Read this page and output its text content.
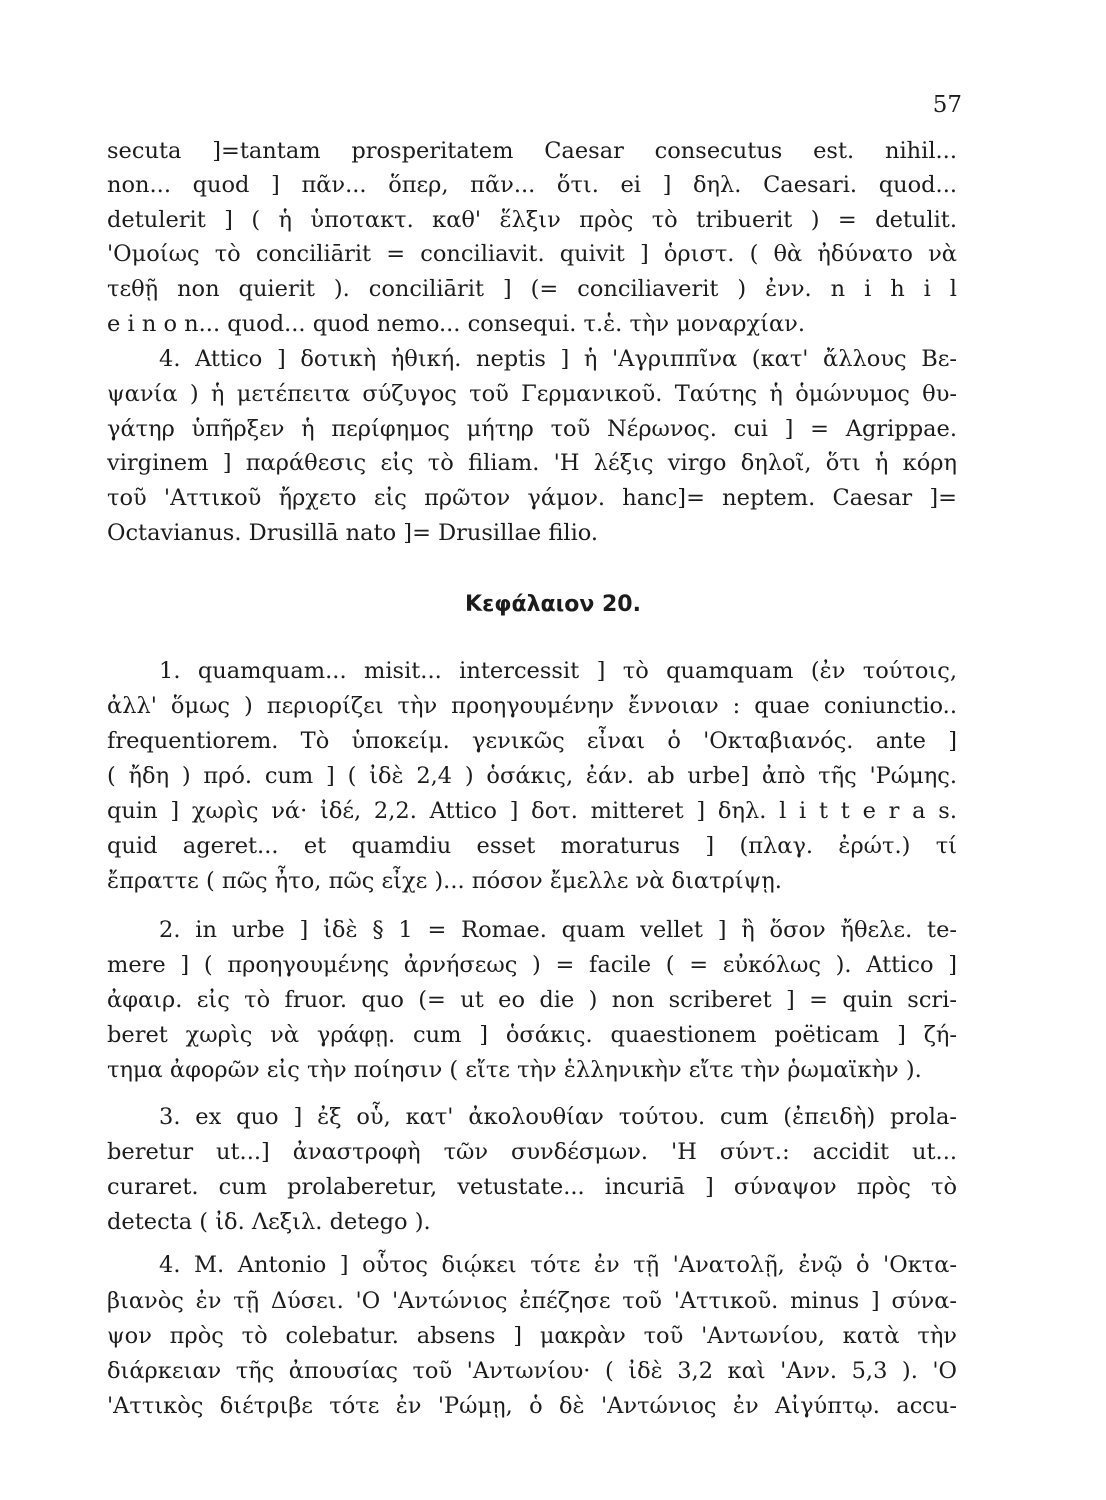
57
secuta ]=tantam prosperitatem Caesar consecutus est. nihil...
non... quod ] πᾶν... ὅπερ, πᾶν... ὅτι. ei ] δηλ. Caesari. quod...
detulerit ] ( ἡ ὑποτακτ. καθ' ἕλξιν πρὸς τὸ tribuerit ) = detulit.
'Ομοίως τὸ conciliārit = conciliavit. quivit ] ὁριστ. ( θὰ ἠδύνατο νὰ
τεθῇ non quierit ). conciliārit ] (= conciliaverit ) ἐνν. n i h i l
e i n o n... quod... quod nemo... consequi. τ.ἑ. τὴν μοναρχίαν.
4. Attico ] δοτικὴ ἠθική. neptis ] ἡ 'Αγριππῖνα (κατ' ἄλλους Βε-
ψανία ) ἡ μετέπειτα σύζυγος τοῦ Γερμανικοῦ. Ταύτης ἡ ὁμώνυμος θυ-
γάτηρ ὑπῆρξεν ἡ περίφημος μήτηρ τοῦ Νέρωνος. cui ] = Agrippae.
virginem ] παράθεσις εἰς τὸ filiam. 'Η λέξις virgo δηλοῖ, ὅτι ἡ κόρη
τοῦ 'Αττικοῦ ἤρχετο εἰς πρῶτον γάμον. hanc]= neptem. Caesar ]=
Octavianus. Drusillā nato ]= Drusillae filio.
Κεφάλαιον 20.
1. quamquam... misit... intercessit ] τὸ quamquam (ἐν τούτοις,
ἀλλ' ὅμως ) περιορίζει τὴν προηγουμένην ἔννοιαν : quae coniunctio..
frequentiorem. Τὸ ὑποκείμ. γενικῶς εἶναι ὁ 'Οκταβιανός. ante ]
( ἤδη ) πρό. cum ] ( ἰδὲ 2,4 ) ὁσάκις, ἐάν. ab urbe] ἀπὸ τῆς 'Ρώμης.
quin ] χωρὶς νά· ἰδέ, 2,2. Attico ] δοτ. mitteret ] δηλ. l i t t e r a s.
quid ageret... et quamdiu esset moraturus ] (πλαγ. ἐρώτ.) τί
ἔπραττε ( πῶς ἦτο, πῶς εἶχε )... πόσον ἔμελλε νὰ διατρίψῃ.
2. in urbe ] ἰδὲ § 1 = Romae. quam vellet ] ἢ ὅσον ἤθελε. te-
mere ] ( προηγουμένης ἀρνήσεως ) = facile ( = εὐκόλως ). Attico ]
ἀφαιρ. εἰς τὸ fruor. quo (= ut eo die ) non scriberet ] = quin scri-
beret χωρὶς νὰ γράφῃ. cum ] ὁσάκις. quaestionem poëticam ] ζή-
τημα ἀφορῶν εἰς τὴν ποίησιν ( εἴτε τὴν ἑλληνικὴν εἴτε τὴν ῥωμαϊκὴν ).
3. ex quo ] ἐξ οὗ, κατ' ἀκολουθίαν τούτου. cum (ἐπειδὴ) prola-
beretur ut...] ἀναστροφὴ τῶν συνδέσμων. 'Η σύντ.: accidit ut...
curaret. cum prolaberetur, vetustate... incuriā ] σύναψον πρὸς τὸ
detecta ( ἰδ. Λεξιλ. detego ).
4. M. Antonio ] οὗτος διῴκει τότε ἐν τῇ 'Ανατολῇ, ἐνῷ ὁ 'Οκτα-
βιανὸς ἐν τῇ Δύσει. 'Ο 'Αντώνιος ἐπέζησε τοῦ 'Αττικοῦ. minus ] σύνα-
ψον πρὸς τὸ colebatur. absens ] μακρὰν τοῦ 'Αντωνίου, κατὰ τὴν
διάρκειαν τῆς ἀπουσίας τοῦ 'Αντωνίου· ( ἰδὲ 3,2 καὶ 'Ανν. 5,3 ). 'Ο
'Αττικὸς διέτριβε τότε ἐν 'Ρώμῃ, ὁ δὲ 'Αντώνιος ἐν Αἰγύπτῳ. accu-
